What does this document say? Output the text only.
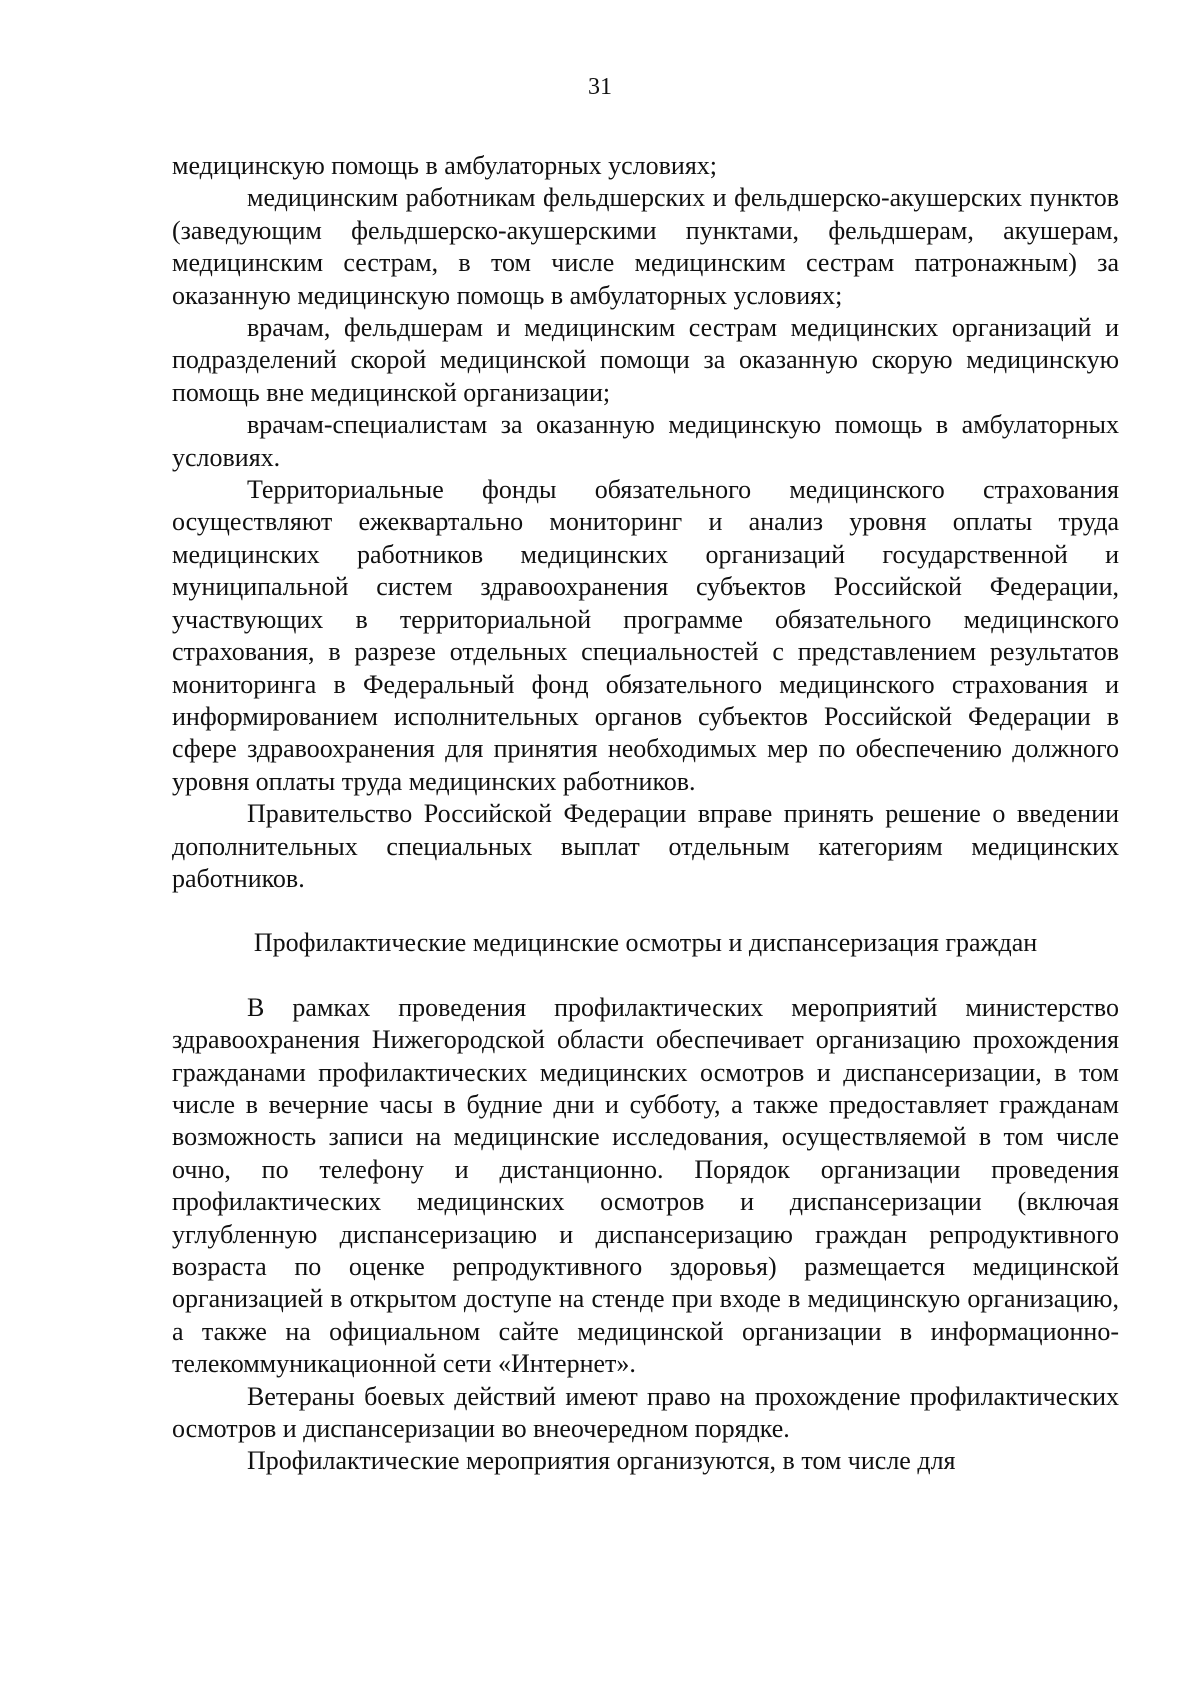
31

медицинскую помощь в амбулаторных условиях;

медицинским работникам фельдшерских и фельдшерско-акушерских пунктов (заведующим фельдшерско-акушерскими пунктами, фельдшерам, акушерам, медицинским сестрам, в том числе медицинским сестрам патронажным) за оказанную медицинскую помощь в амбулаторных условиях;

врачам, фельдшерам и медицинским сестрам медицинских организаций и подразделений скорой медицинской помощи за оказанную скорую медицинскую помощь вне медицинской организации;

врачам-специалистам за оказанную медицинскую помощь в амбулаторных условиях.

Территориальные фонды обязательного медицинского страхования осуществляют ежеквартально мониторинг и анализ уровня оплаты труда медицинских работников медицинских организаций государственной и муниципальной систем здравоохранения субъектов Российской Федерации, участвующих в территориальной программе обязательного медицинского страхования, в разрезе отдельных специальностей с представлением результатов мониторинга в Федеральный фонд обязательного медицинского страхования и информированием исполнительных органов субъектов Российской Федерации в сфере здравоохранения для принятия необходимых мер по обеспечению должного уровня оплаты труда медицинских работников.

Правительство Российской Федерации вправе принять решение о введении дополнительных специальных выплат отдельным категориям медицинских работников.

Профилактические медицинские осмотры и диспансеризация граждан

В рамках проведения профилактических мероприятий министерство здравоохранения Нижегородской области обеспечивает организацию прохождения гражданами профилактических медицинских осмотров и диспансеризации, в том числе в вечерние часы в будние дни и субботу, а также предоставляет гражданам возможность записи на медицинские исследования, осуществляемой в том числе очно, по телефону и дистанционно. Порядок организации проведения профилактических медицинских осмотров и диспансеризации (включая углубленную диспансеризацию и диспансеризацию граждан репродуктивного возраста по оценке репродуктивного здоровья) размещается медицинской организацией в открытом доступе на стенде при входе в медицинскую организацию, а также на официальном сайте медицинской организации в информационно-телекоммуникационной сети «Интернет».

Ветераны боевых действий имеют право на прохождение профилактических осмотров и диспансеризации во внеочередном порядке.

Профилактические мероприятия организуются, в том числе для
